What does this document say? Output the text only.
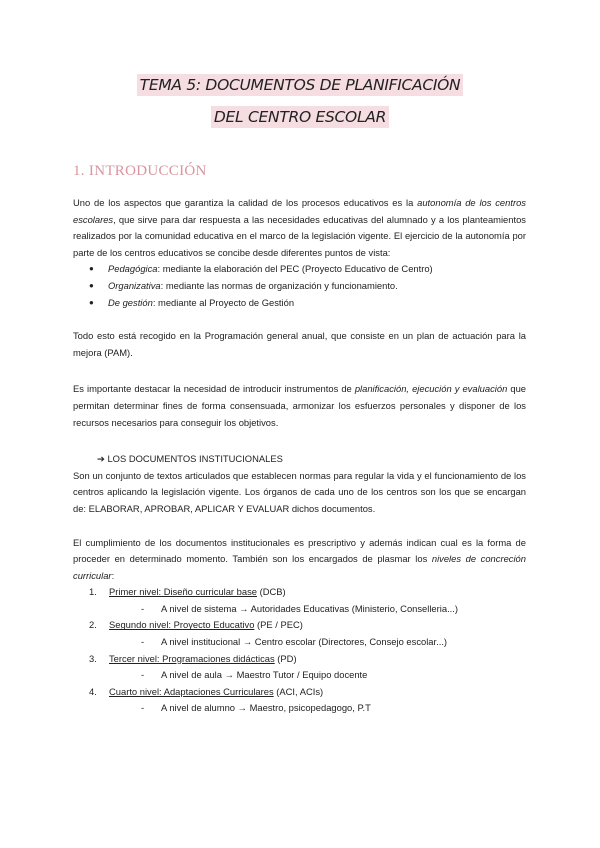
TEMA 5: DOCUMENTOS DE PLANIFICACIÓN
DEL CENTRO ESCOLAR
1. INTRODUCCIÓN

Uno de los aspectos que garantiza la calidad de los procesos educativos es la autonomía de los centros escolares, que sirve para dar respuesta a las necesidades educativas del alumnado y a los planteamientos realizados por la comunidad educativa en el marco de la legislación vigente. El ejercicio de la autonomía por parte de los centros educativos se concibe desde diferentes puntos de vista:

●	Pedagógica: mediante la elaboración del PEC (Proyecto Educativo de Centro)
●	Organizativa: mediante las normas de organización y funcionamiento.
●	De gestión: mediante al Proyecto de Gestión

Todo esto está recogido en la Programación general anual, que consiste en un plan de actuación para la mejora (PAM).

Es importante destacar la necesidad de introducir instrumentos de planificación, ejecución y evaluación que permitan determinar fines de forma consensuada, armonizar los esfuerzos personales y disponer de los recursos necesarios para conseguir los objetivos.

➔ LOS DOCUMENTOS INSTITUCIONALES

Son un conjunto de textos articulados que establecen normas para regular la vida y el funcionamiento de los centros aplicando la legislación vigente. Los órganos de cada uno de los centros son los que se encargan de: ELABORAR, APROBAR, APLICAR Y EVALUAR dichos documentos.

El cumplimiento de los documentos institucionales es prescriptivo y además indican cual es la forma de proceder en determinado momento. También son los encargados de plasmar los niveles de concreción curricular:

1.	Primer nivel: Diseño curricular base (DCB)
-	A nivel de sistema → Autoridades Educativas (Ministerio, Conselleria...)
2.	Segundo nivel: Proyecto Educativo (PE / PEC)
-	A nivel institucional → Centro escolar (Directores, Consejo escolar...)
3.	Tercer nivel: Programaciones didácticas (PD)
-	A nivel de aula → Maestro Tutor / Equipo docente
4.	Cuarto nivel: Adaptaciones Curriculares (ACI, ACIs)
-	A nivel de alumno → Maestro, psicopedagogo, P.T
